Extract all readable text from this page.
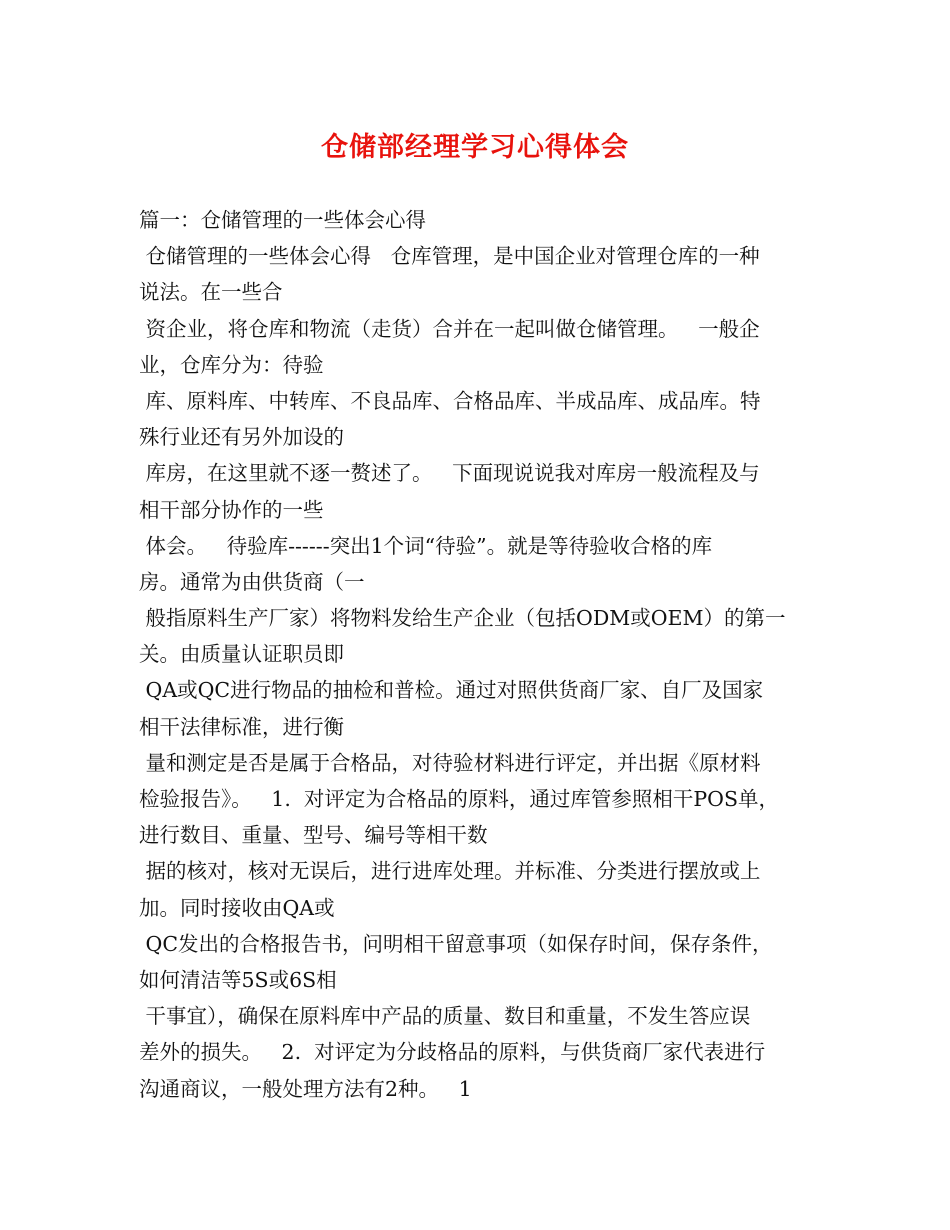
仓储部经理学习心得体会
篇一：仓储管理的一些体会心得
仓储管理的一些体会心得   仓库管理，是中国企业对管理仓库的一种
说法。在一些合
资企业，将仓库和物流（走货）合并在一起叫做仓储管理。   一般企
业，仓库分为：待验
库、原料库、中转库、不良品库、合格品库、半成品库、成品库。特
殊行业还有另外加设的
库房，在这里就不逐一赘述了。   下面现说说我对库房一般流程及与
相干部分协作的一些
体会。   待验库------突出1个词“待验”。就是等待验收合格的库
房。通常为由供货商（一
般指原料生产厂家）将物料发给生产企业（包括ODM或OEM）的第一
关。由质量认证职员即
QA或QC进行物品的抽检和普检。通过对照供货商厂家、自厂及国家
相干法律标准，进行衡
量和测定是否是属于合格品，对待验材料进行评定，并出据《原材料
检验报告》。   1.  对评定为合格品的原料，通过库管参照相干POS单，
进行数目、重量、型号、编号等相干数
据的核对，核对无误后，进行进库处理。并标准、分类进行摆放或上
加。同时接收由QA或
QC发出的合格报告书，问明相干留意事项（如保存时间，保存条件，
如何清洁等5S或6S相
干事宜），确保在原料库中产品的质量、数目和重量，不发生答应误
差外的损失。   2.  对评定为分歧格品的原料，与供货商厂家代表进行
沟通商议，一般处理方法有2种。   1
